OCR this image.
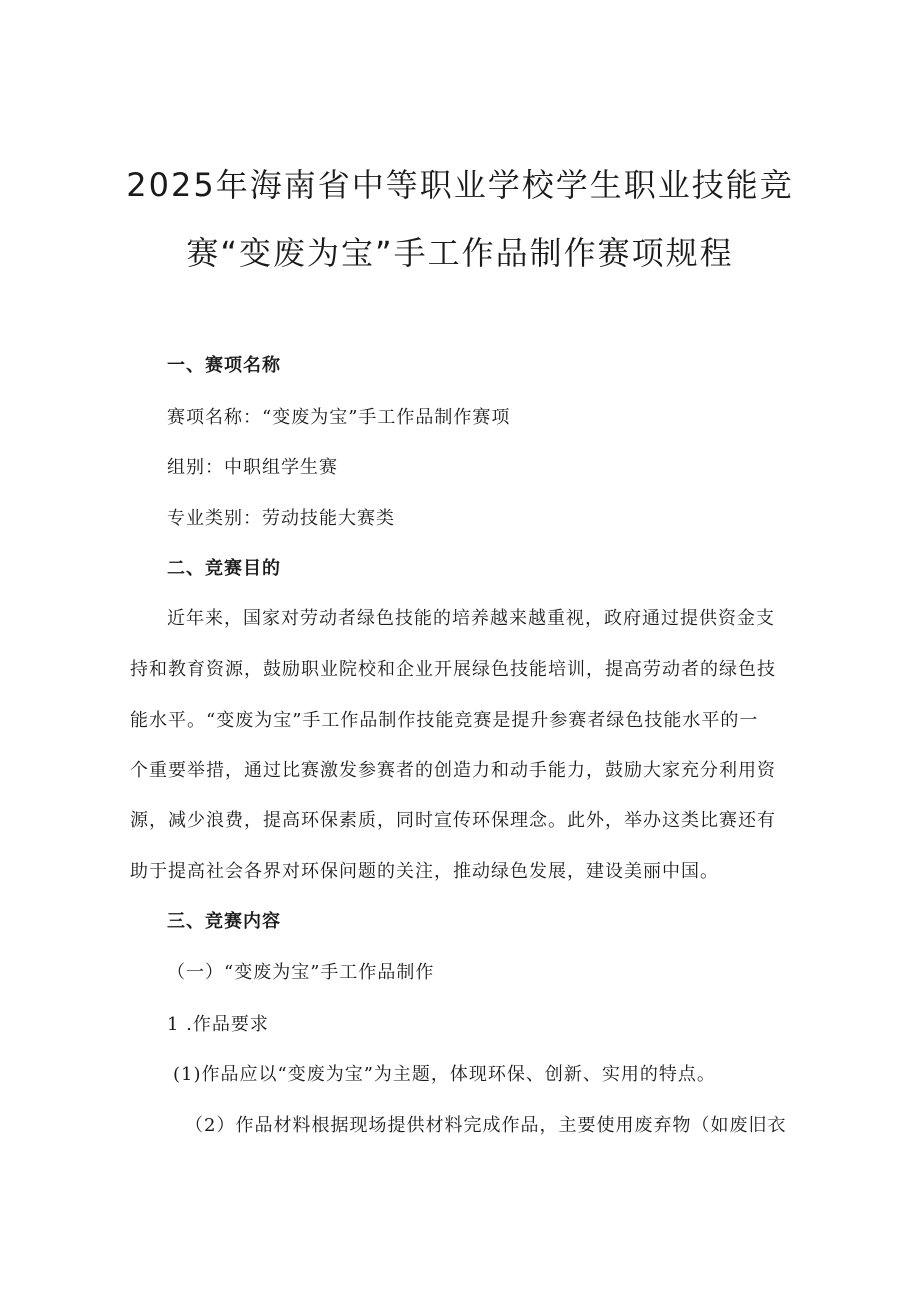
2025年海南省中等职业学校学生职业技能竞
赛“变废为宝”手工作品制作赛项规程
一、赛项名称
赛项名称：“变废为宝”手工作品制作赛项
组别：中职组学生赛
专业类别：劳动技能大赛类
二、竞赛目的
近年来，国家对劳动者绿色技能的培养越来越重视，政府通过提供资金支
持和教育资源，鼓励职业院校和企业开展绿色技能培训，提高劳动者的绿色技
能水平。“变废为宝”手工作品制作技能竞赛是提升参赛者绿色技能水平的一
个重要举措，通过比赛激发参赛者的创造力和动手能力，鼓励大家充分利用资
源，减少浪费，提高环保素质，同时宣传环保理念。此外，举办这类比赛还有
助于提高社会各界对环保问题的关注，推动绿色发展，建设美丽中国。
三、竞赛内容
（一）“变废为宝”手工作品制作
1 .作品要求
(1)作品应以“变废为宝”为主题，体现环保、创新、实用的特点。
（2）作品材料根据现场提供材料完成作品，主要使用废弃物（如废旧衣
